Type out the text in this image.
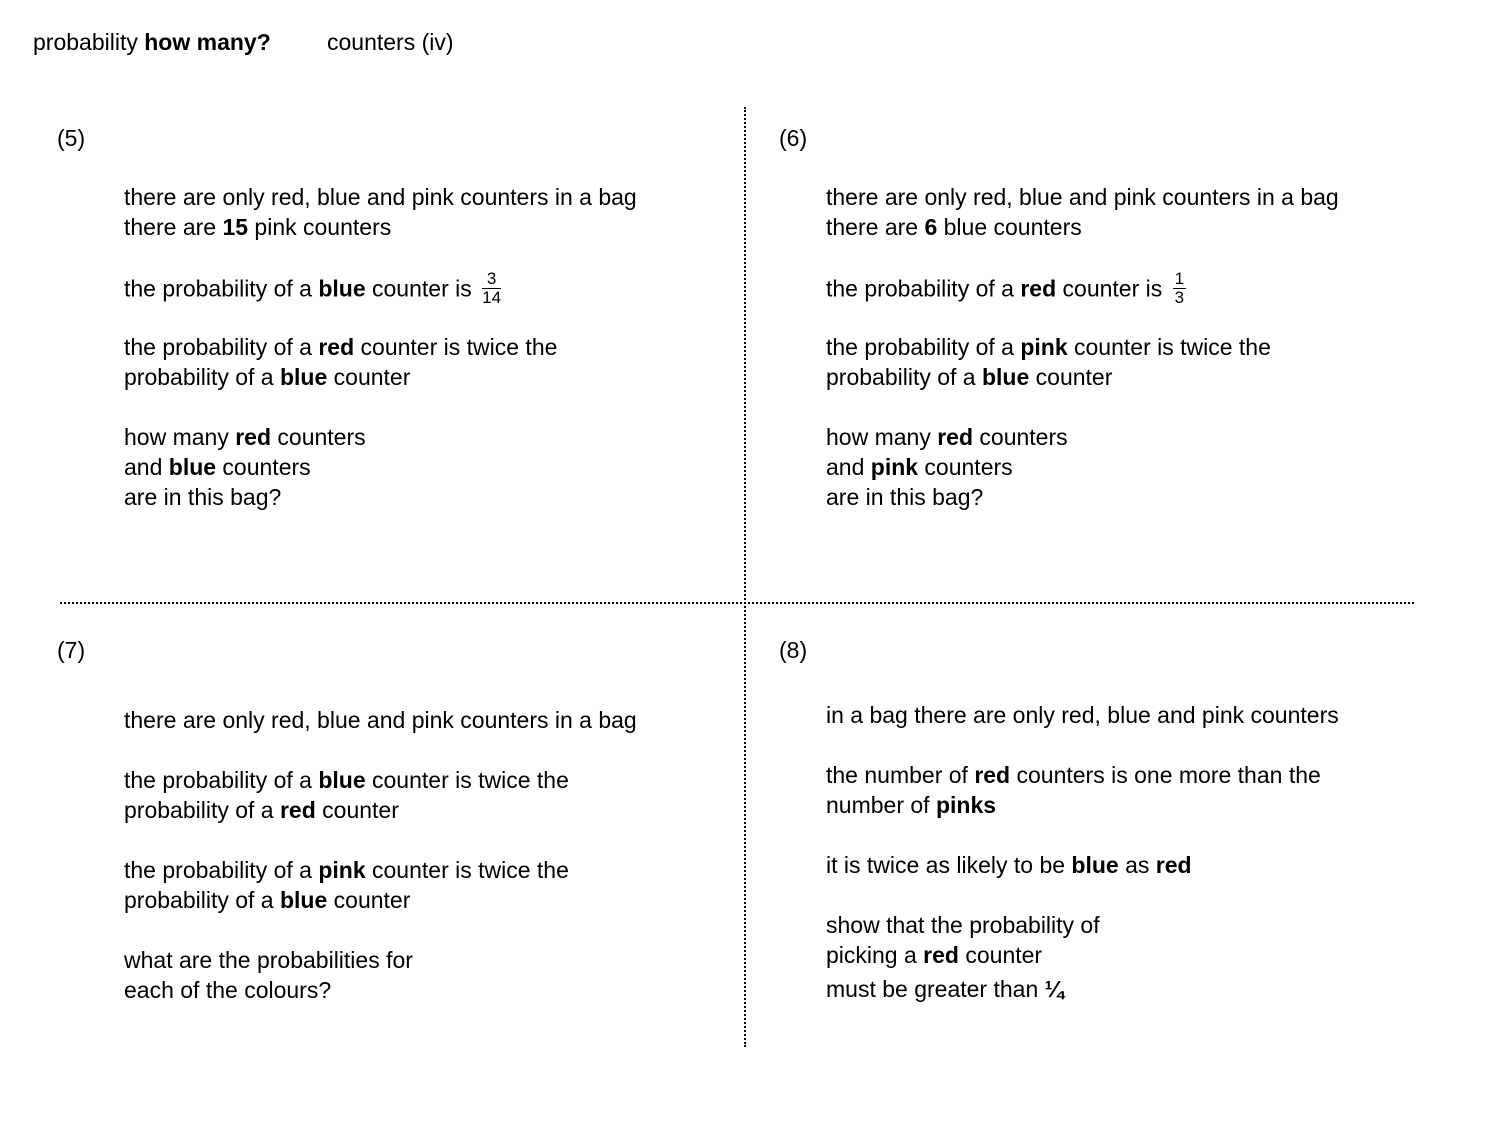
probability how many? counters (iv)
(5)
there are only red, blue and pink counters in a bag
there are 15 pink counters
the probability of a blue counter is $\frac{3}{14}$
the probability of a red counter is twice the
probability of a blue counter
how many red counters
and blue counters
are in this bag?
(6)
there are only red, blue and pink counters in a bag
there are 6 blue counters
the probability of a red counter is $\frac{1}{3}$
the probability of a pink counter is twice the
probability of a blue counter
how many red counters
and pink counters
are in this bag?
(7)
there are only red, blue and pink counters in a bag
the probability of a blue counter is twice the
probability of a red counter
the probability of a pink counter is twice the
probability of a blue counter
what are the probabilities for
each of the colours?
(8)
in a bag there are only red, blue and pink counters
the number of red counters is one more than the
number of pinks
it is twice as likely to be blue as red
show that the probability of
picking a red counter
must be greater than ¼
